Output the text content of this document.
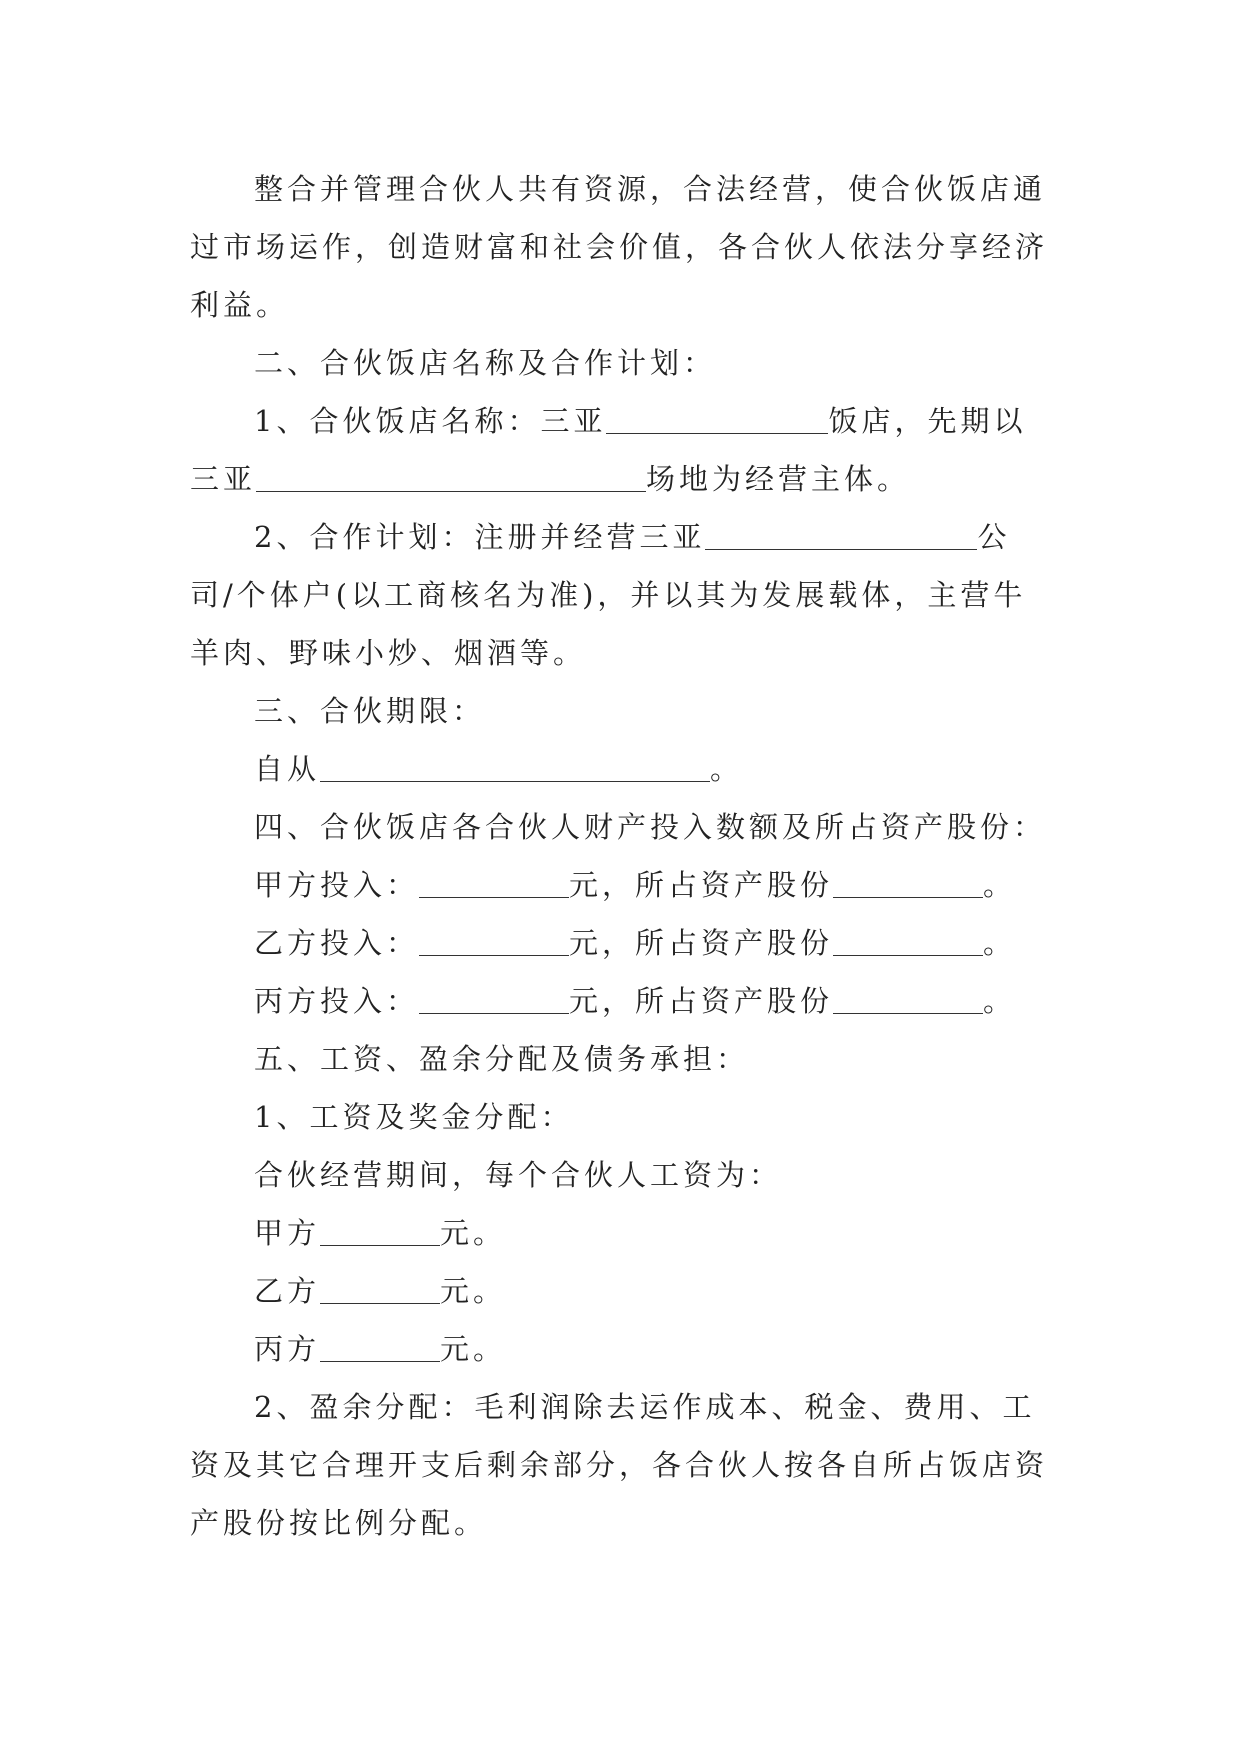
整合并管理合伙人共有资源，合法经营，使合伙饭店通

过市场运作，创造财富和社会价值，各合伙人依法分享经济

利益。

二、合伙饭店名称及合作计划：

1、合伙饭店名称：三亚	饭店，先期以

三亚	场地为经营主体。

2、合作计划：注册并经营三亚	公

司/个体户(以工商核名为准)，并以其为发展载体，主营牛

羊肉、野味小炒、烟酒等。

三、合伙期限：

自从	。

四、合伙饭店各合伙人财产投入数额及所占资产股份：

甲方投入：	元，所占资产股份	。

乙方投入：	元，所占资产股份	。

丙方投入：	元，所占资产股份	。

五、工资、盈余分配及债务承担：

1、工资及奖金分配：

合伙经营期间，每个合伙人工资为：

甲方	元。

乙方	元。

丙方	元。

2、盈余分配：毛利润除去运作成本、税金、费用、工

资及其它合理开支后剩余部分，各合伙人按各自所占饭店资

产股份按比例分配。
